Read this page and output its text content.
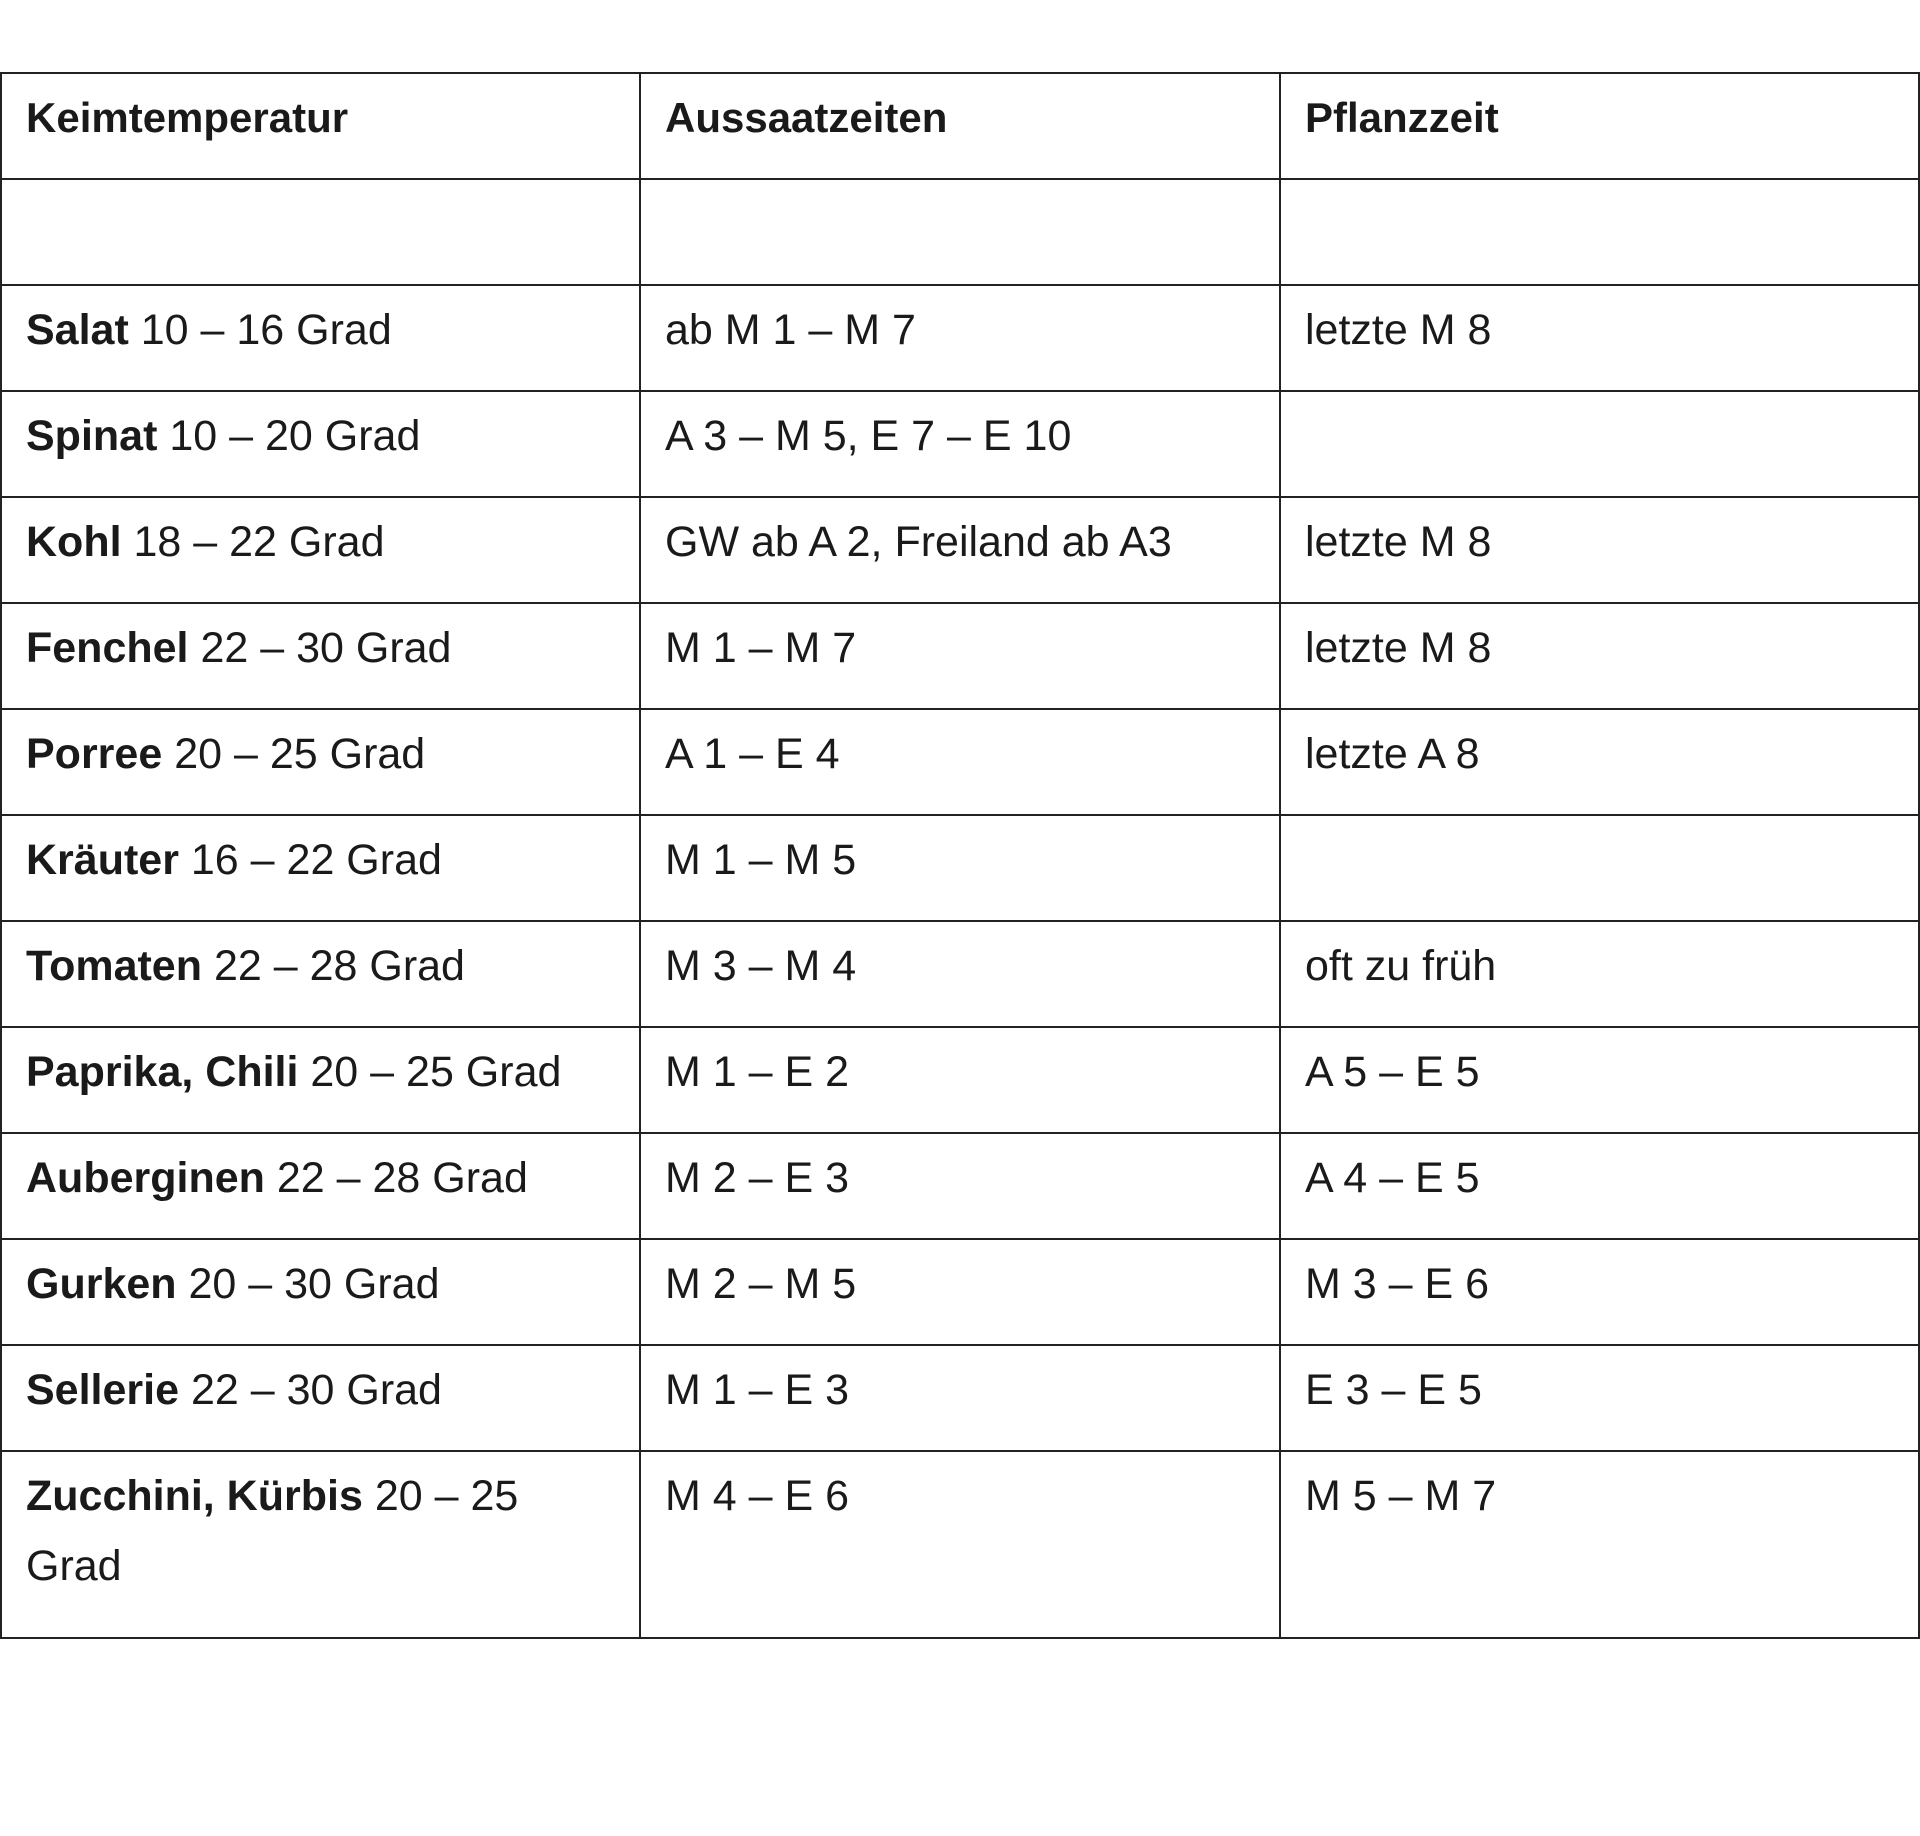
Keimtemperatur	Aussaatzeiten	Pflanzzeit

Salat 10 – 16 Grad	ab M 1 – M 7	letzte M 8
Spinat 10 – 20 Grad	A 3 – M 5, E 7 – E 10	
Kohl 18 – 22 Grad	GW ab A 2, Freiland ab A3	letzte M 8
Fenchel 22 – 30 Grad	M 1 – M 7	letzte M 8
Porree 20 – 25 Grad	A 1 – E 4	letzte A 8
Kräuter 16 – 22 Grad	M 1 – M 5	
Tomaten 22 – 28 Grad	M 3 – M 4	oft zu früh
Paprika, Chili 20 – 25 Grad	M 1 – E 2	A 5 – E 5
Auberginen 22 – 28 Grad	M 2 – E 3	A 4 – E 5
Gurken 20 – 30 Grad	M 2 – M 5	M 3 – E 6
Sellerie 22 – 30 Grad	M 1 – E 3	E 3 – E 5
Zucchini, Kürbis 20 – 25 Grad	M 4 – E 6	M 5 – M 7
